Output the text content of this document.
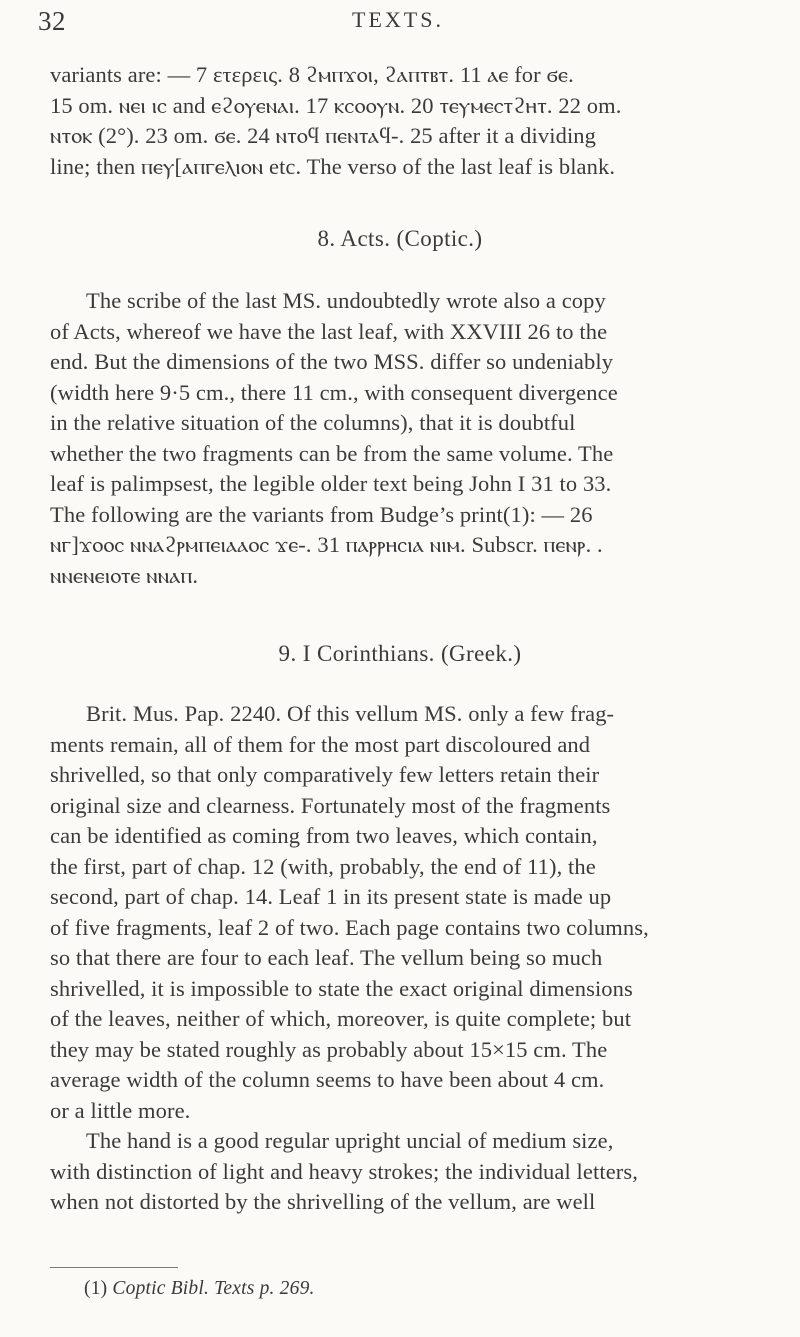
32	TEXTS.
variants are: — 7 ετερεις. 8 ϩⲙⲡϫⲟⲓ, ϩⲁⲡⲧⲃⲧ. 11 ⲁⲉ for ϭⲉ.
15 om. ⲛⲉⲓ ⲓⲥ and ⲉϩⲟⲩⲉⲛⲁⲓ. 17 ⲕⲥⲟⲟⲩⲛ. 20 ⲧⲉⲩⲙⲉⲥⲧϩⲏⲧ. 22 om.
ⲛⲧⲟⲕ (2°). 23 om. ϭⲉ. 24 ⲛⲧⲟϥ ⲡⲉⲛⲧⲁϥ-. 25 after it a dividing
line; then ⲡⲉⲩ[ⲁⲡⲅⲉⲗⲓⲟⲛ etc. The verso of the last leaf is blank.
8. Acts. (Coptic.)
The scribe of the last MS. undoubtedly wrote also a copy
of Acts, whereof we have the last leaf, with XXVIII 26 to the
end. But the dimensions of the two MSS. differ so undeniably
(width here 9·5 cm., there 11 cm., with consequent divergence
in the relative situation of the columns), that it is doubtful
whether the two fragments can be from the same volume. The
leaf is palimpsest, the legible older text being John I 31 to 33.
The following are the variants from Budge’s print(1): — 26
ⲛⲅ]ϫⲟⲟⲥ ⲛⲛⲁϩⲣⲙⲡⲉⲓⲁⲁⲟⲥ ϫⲉ-. 31 ⲡⲁⲣⲣⲏⲥⲓⲁ ⲛⲓⲙ. Subscr. ⲡⲉⲛⲣ. .
ⲛⲛⲉⲛⲉⲓⲟⲧⲉ ⲛⲛⲁⲡ.
9. I Corinthians. (Greek.)
Brit. Mus. Pap. 2240. Of this vellum MS. only a few frag-
ments remain, all of them for the most part discoloured and
shrivelled, so that only comparatively few letters retain their
original size and clearness. Fortunately most of the fragments
can be identified as coming from two leaves, which contain,
the first, part of chap. 12 (with, probably, the end of 11), the
second, part of chap. 14. Leaf 1 in its present state is made up
of five fragments, leaf 2 of two. Each page contains two columns,
so that there are four to each leaf. The vellum being so much
shrivelled, it is impossible to state the exact original dimensions
of the leaves, neither of which, moreover, is quite complete; but
they may be stated roughly as probably about 15×15 cm. The
average width of the column seems to have been about 4 cm.
or a little more.
The hand is a good regular upright uncial of medium size,
with distinction of light and heavy strokes; the individual letters,
when not distorted by the shrivelling of the vellum, are well
(1) Coptic Bibl. Texts p. 269.
